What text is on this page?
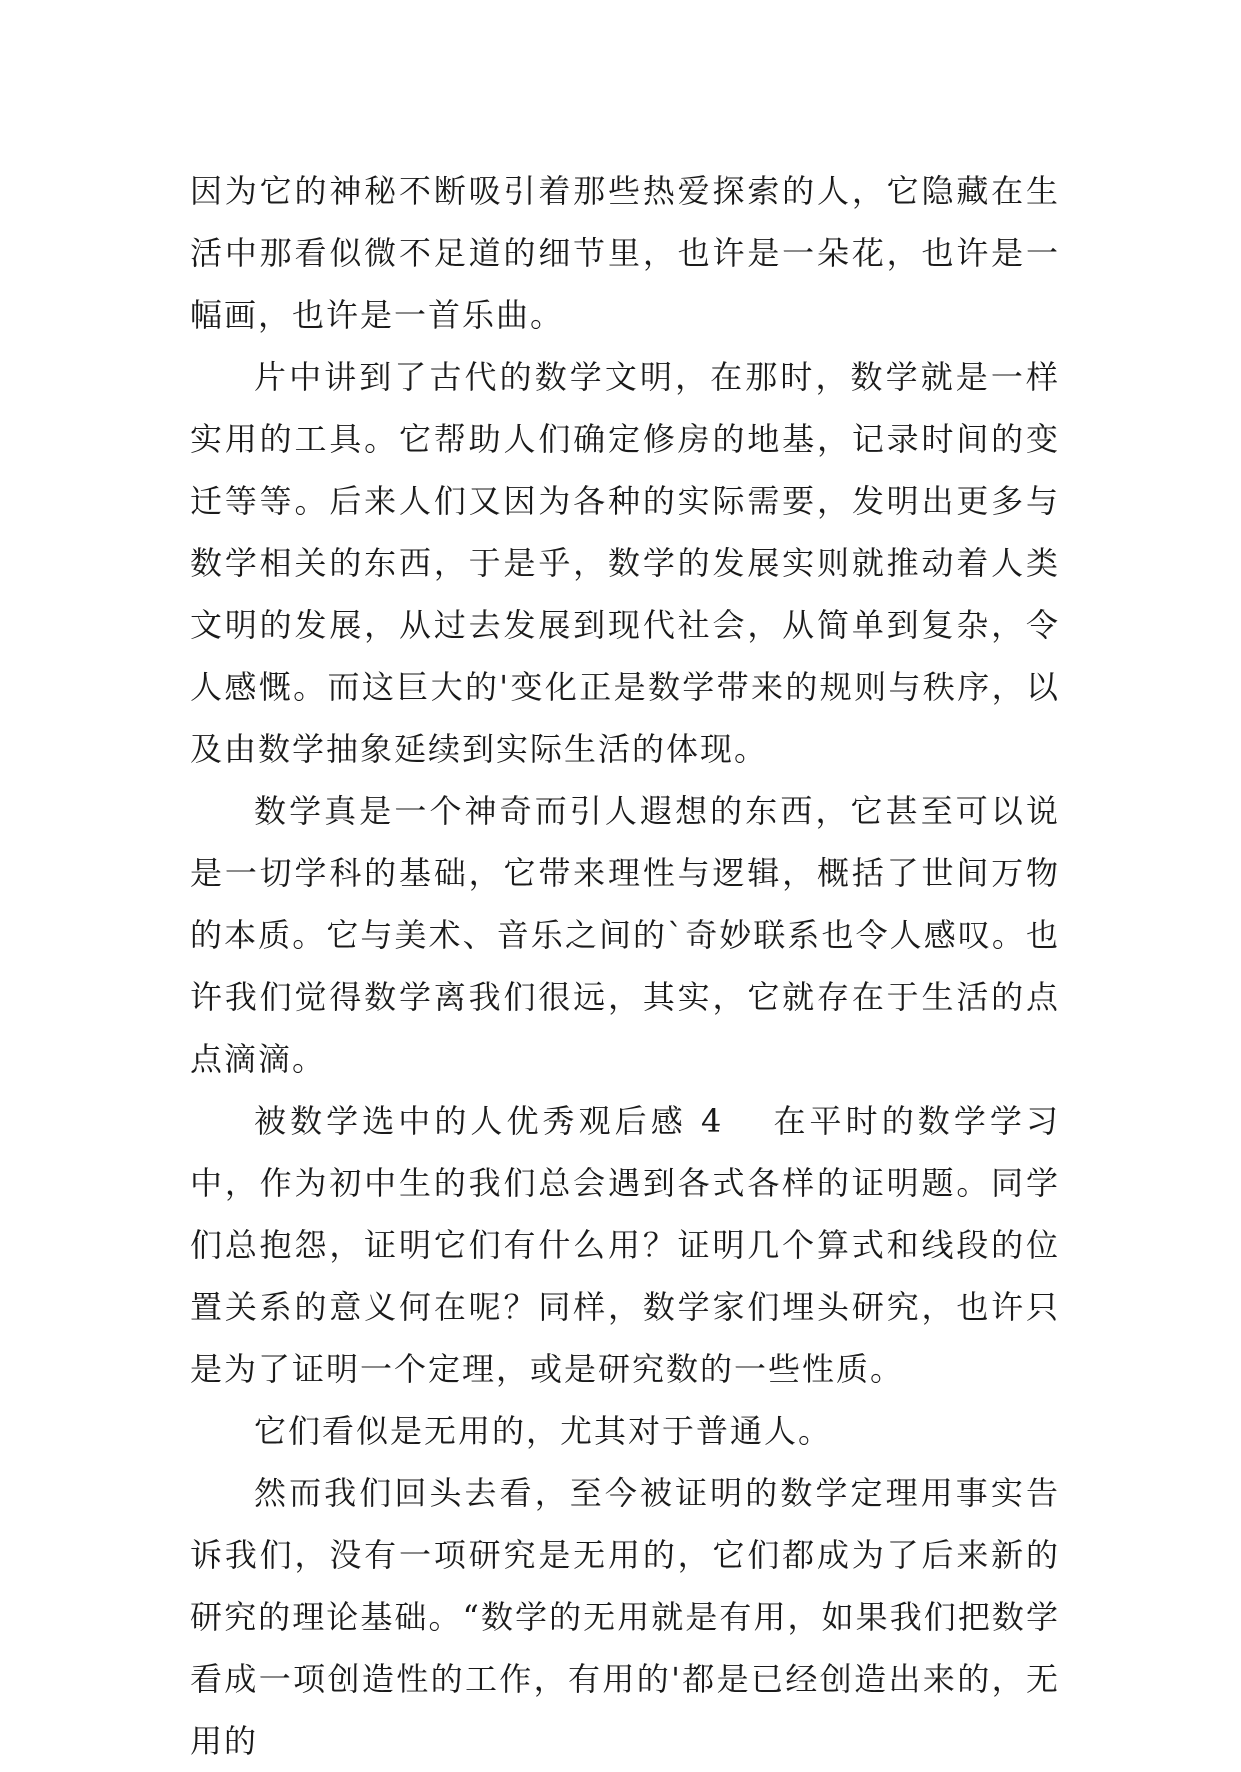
因为它的神秘不断吸引着那些热爱探索的人，它隐藏在生活中那看似微不足道的细节里，也许是一朵花，也许是一幅画，也许是一首乐曲。

片中讲到了古代的数学文明，在那时，数学就是一样实用的工具。它帮助人们确定修房的地基，记录时间的变迁等等。后来人们又因为各种的实际需要，发明出更多与数学相关的东西，于是乎，数学的发展实则就推动着人类文明的发展，从过去发展到现代社会，从简单到复杂，令人感慨。而这巨大的'变化正是数学带来的规则与秩序，以及由数学抽象延续到实际生活的体现。

数学真是一个神奇而引人遐想的东西，它甚至可以说是一切学科的基础，它带来理性与逻辑，概括了世间万物的本质。它与美术、音乐之间的`奇妙联系也令人感叹。也许我们觉得数学离我们很远，其实，它就存在于生活的点点滴滴。

被数学选中的人优秀观后感 4 在平时的数学学习中，作为初中生的我们总会遇到各式各样的证明题。同学们总抱怨，证明它们有什么用？证明几个算式和线段的位置关系的意义何在呢？同样，数学家们埋头研究，也许只是为了证明一个定理，或是研究数的一些性质。

它们看似是无用的，尤其对于普通人。

然而我们回头去看，至今被证明的数学定理用事实告诉我们，没有一项研究是无用的，它们都成为了后来新的研究的理论基础。“数学的无用就是有用，如果我们把数学看成一项创造性的工作，有用的'都是已经创造出来的，无用的
